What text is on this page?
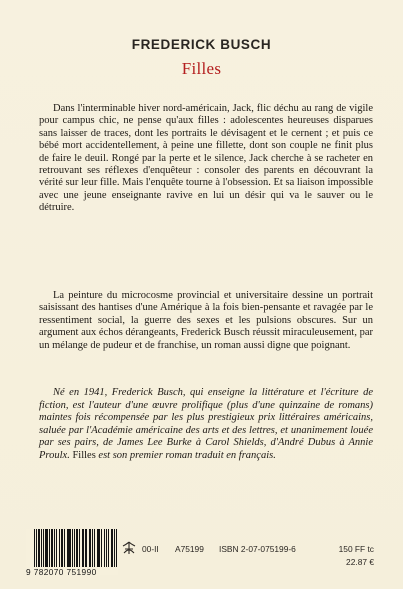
FREDERICK BUSCH
Filles
Dans l'interminable hiver nord-américain, Jack, flic déchu au rang de vigile pour campus chic, ne pense qu'aux filles : adolescentes heureuses disparues sans laisser de traces, dont les portraits le dévisagent et le cernent ; et puis ce bébé mort accidentellement, à peine une fillette, dont son couple ne finit plus de faire le deuil. Rongé par la perte et le silence, Jack cherche à se racheter en retrouvant ses réflexes d'enquêteur : consoler des parents en découvrant la vérité sur leur fille. Mais l'enquête tourne à l'obsession. Et sa liaison impossible avec une jeune enseignante ravive en lui un désir qui va le sauver ou le détruire.
La peinture du microcosme provincial et universitaire dessine un portrait saisissant des hantises d'une Amérique à la fois bien-pensante et ravagée par le ressentiment social, la guerre des sexes et les pulsions obscures. Sur un argument aux échos dérangeants, Frederick Busch réussit miraculeusement, par un mélange de pudeur et de franchise, un roman aussi digne que poignant.
Né en 1941, Frederick Busch, qui enseigne la littérature et l'écriture de fiction, est l'auteur d'une œuvre prolifique (plus d'une quinzaine de romans) maintes fois récompensée par les plus prestigieux prix littéraires américains, saluée par l'Académie américaine des arts et des lettres, et unanimement louée par ses pairs, de James Lee Burke à Carol Shields, d'André Dubus à Annie Proulx. Filles est son premier roman traduit en français.
9 782070 751990
00-II A75199 ISBN 2-07-075199-6	150 FF tc
22.87 €
